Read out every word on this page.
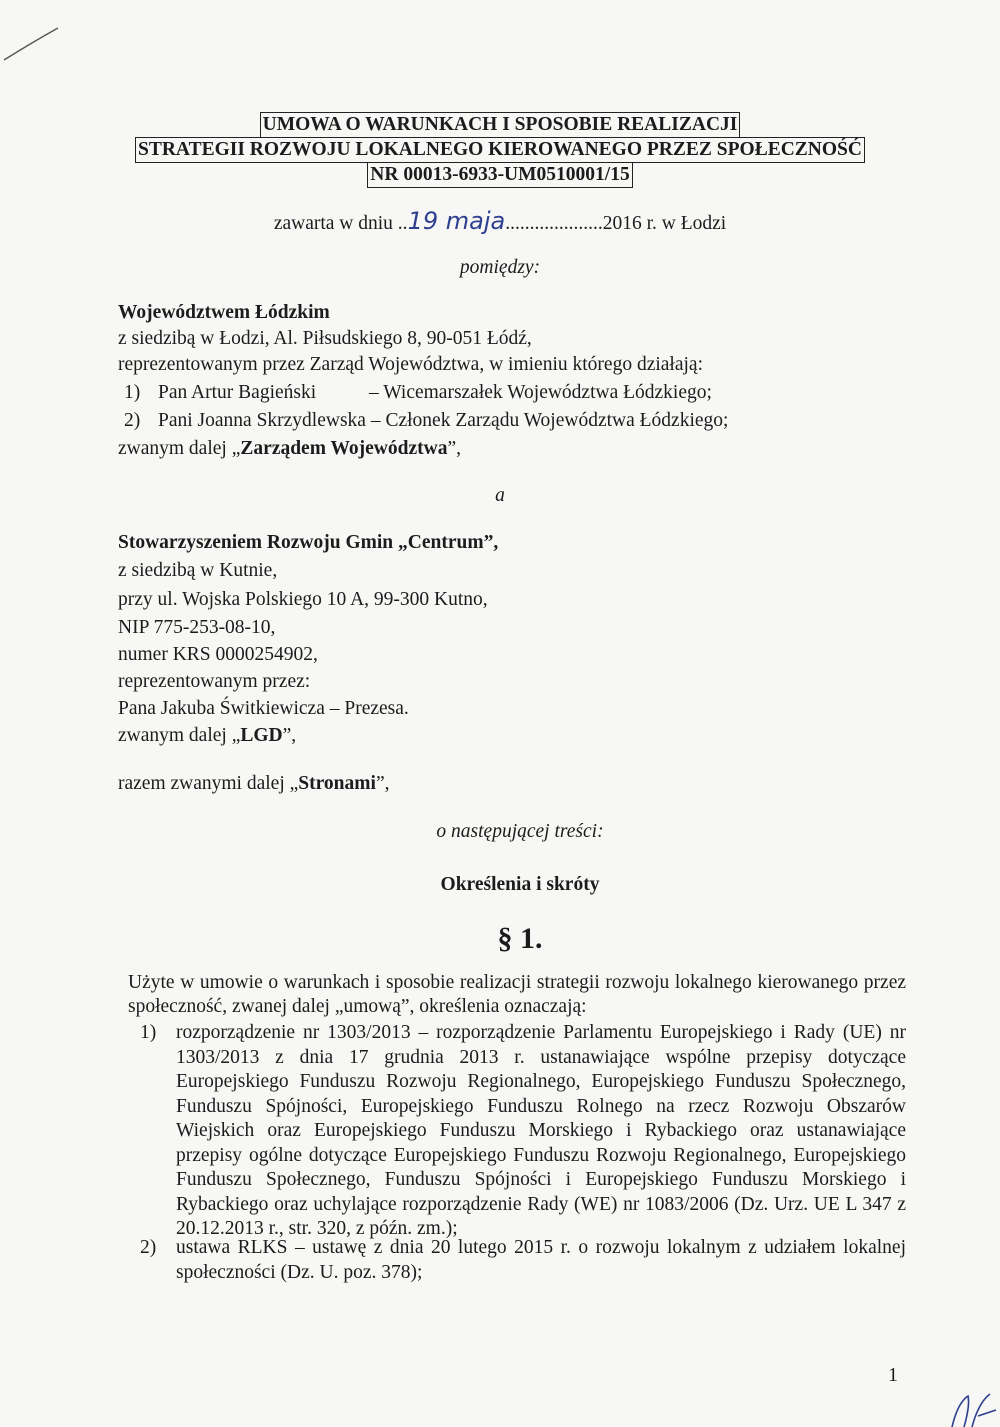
UMOWA O WARUNKACH I SPOSOBIE REALIZACJI
STRATEGII ROZWOJU LOKALNEGO KIEROWANEGO PRZEZ SPOŁECZNOŚĆ
NR 00013-6933-UM0510001/15
zawarta w dniu ..19 maja....................2016 r. w Łodzi
pomiędzy:
Województwem Łódzkim
z siedzibą w Łodzi, Al. Piłsudskiego 8, 90-051 Łódź,
reprezentowanym przez Zarząd Województwa, w imieniu którego działają:
1) Pan Artur Bagieński	– Wicemarszałek Województwa Łódzkiego;
2) Pani Joanna Skrzydlewska – Członek Zarządu Województwa Łódzkiego;
zwanym dalej „Zarządem Województwa”,
a
Stowarzyszeniem Rozwoju Gmin „Centrum”,
z siedzibą w Kutnie,
przy ul. Wojska Polskiego 10 A, 99-300 Kutno,
NIP 775-253-08-10,
numer KRS 0000254902,
reprezentowanym przez:
Pana Jakuba Świtkiewicza – Prezesa.
zwanym dalej „LGD”,
razem zwanymi dalej „Stronami”,
o następującej treści:
Określenia i skróty
§ 1.
Użyte w umowie o warunkach i sposobie realizacji strategii rozwoju lokalnego kierowanego przez społeczność, zwanej dalej „umową”, określenia oznaczają:
1) rozporządzenie nr 1303/2013 – rozporządzenie Parlamentu Europejskiego i Rady (UE) nr 1303/2013 z dnia 17 grudnia 2013 r. ustanawiające wspólne przepisy dotyczące Europejskiego Funduszu Rozwoju Regionalnego, Europejskiego Funduszu Społecznego, Funduszu Spójności, Europejskiego Funduszu Rolnego na rzecz Rozwoju Obszarów Wiejskich oraz Europejskiego Funduszu Morskiego i Rybackiego oraz ustanawiające przepisy ogólne dotyczące Europejskiego Funduszu Rozwoju Regionalnego, Europejskiego Funduszu Społecznego, Funduszu Spójności i Europejskiego Funduszu Morskiego i Rybackiego oraz uchylające rozporządzenie Rady (WE) nr 1083/2006 (Dz. Urz. UE L 347 z 20.12.2013 r., str. 320, z późn. zm.);
2) ustawa RLKS – ustawę z dnia 20 lutego 2015 r. o rozwoju lokalnym z udziałem lokalnej społeczności (Dz. U. poz. 378);
1
